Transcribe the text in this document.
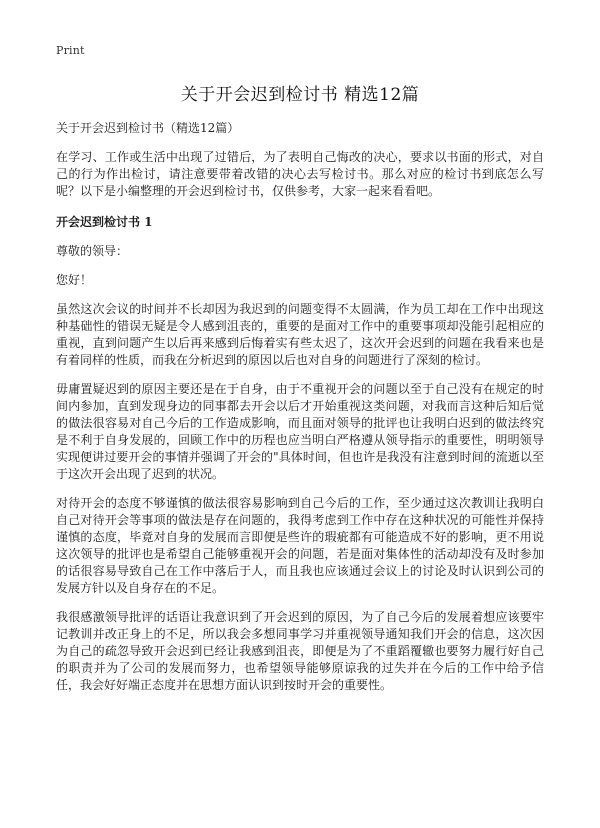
Print
关于开会迟到检讨书 精选12篇
关于开会迟到检讨书（精选12篇）
在学习、工作或生活中出现了过错后，为了表明自己悔改的决心，要求以书面的形式，对自己的行为作出检讨，请注意要带着改错的决心去写检讨书。那么对应的检讨书到底怎么写呢？以下是小编整理的开会迟到检讨书，仅供参考，大家一起来看看吧。
开会迟到检讨书 1
尊敬的领导：
您好！
虽然这次会议的时间并不长却因为我迟到的问题变得不太圆满，作为员工却在工作中出现这种基础性的错误无疑是令人感到沮丧的，重要的是面对工作中的重要事项却没能引起相应的重视，直到问题产生以后再来感到后悔着实有些太迟了，这次开会迟到的问题在我看来也是有着同样的性质，而我在分析迟到的原因以后也对自身的问题进行了深刻的检讨。
毋庸置疑迟到的原因主要还是在于自身，由于不重视开会的问题以至于自己没有在规定的时间内参加，直到发现身边的同事都去开会以后才开始重视这类问题，对我而言这种后知后觉的做法很容易对自己今后的工作造成影响，而且面对领导的批评也让我明白迟到的做法终究是不利于自身发展的，回顾工作中的历程也应当明白严格遵从领导指示的重要性，明明领导实现便讲过要开会的事情并强调了开会的"具体时间，但也许是我没有注意到时间的流逝以至于这次开会出现了迟到的状况。
对待开会的态度不够谨慎的做法很容易影响到自己今后的工作，至少通过这次教训让我明白自己对待开会等事项的做法是存在问题的，我得考虑到工作中存在这种状况的可能性并保持谨慎的态度，毕竟对自身的发展而言即便是些许的瑕疵都有可能造成不好的影响，更不用说这次领导的批评也是希望自己能够重视开会的问题，若是面对集体性的活动却没有及时参加的话很容易导致自己在工作中落后于人，而且我也应该通过会议上的讨论及时认识到公司的发展方针以及自身存在的不足。
我很感激领导批评的话语让我意识到了开会迟到的原因，为了自己今后的发展着想应该要牢记教训并改正身上的不足，所以我会多想同事学习并重视领导通知我们开会的信息，这次因为自己的疏忽导致开会迟到已经让我感到沮丧，即便是为了不重蹈覆辙也要努力履行好自己的职责并为了公司的发展而努力，也希望领导能够原谅我的过失并在今后的工作中给予信任，我会好好端正态度并在思想方面认识到按时开会的重要性。
